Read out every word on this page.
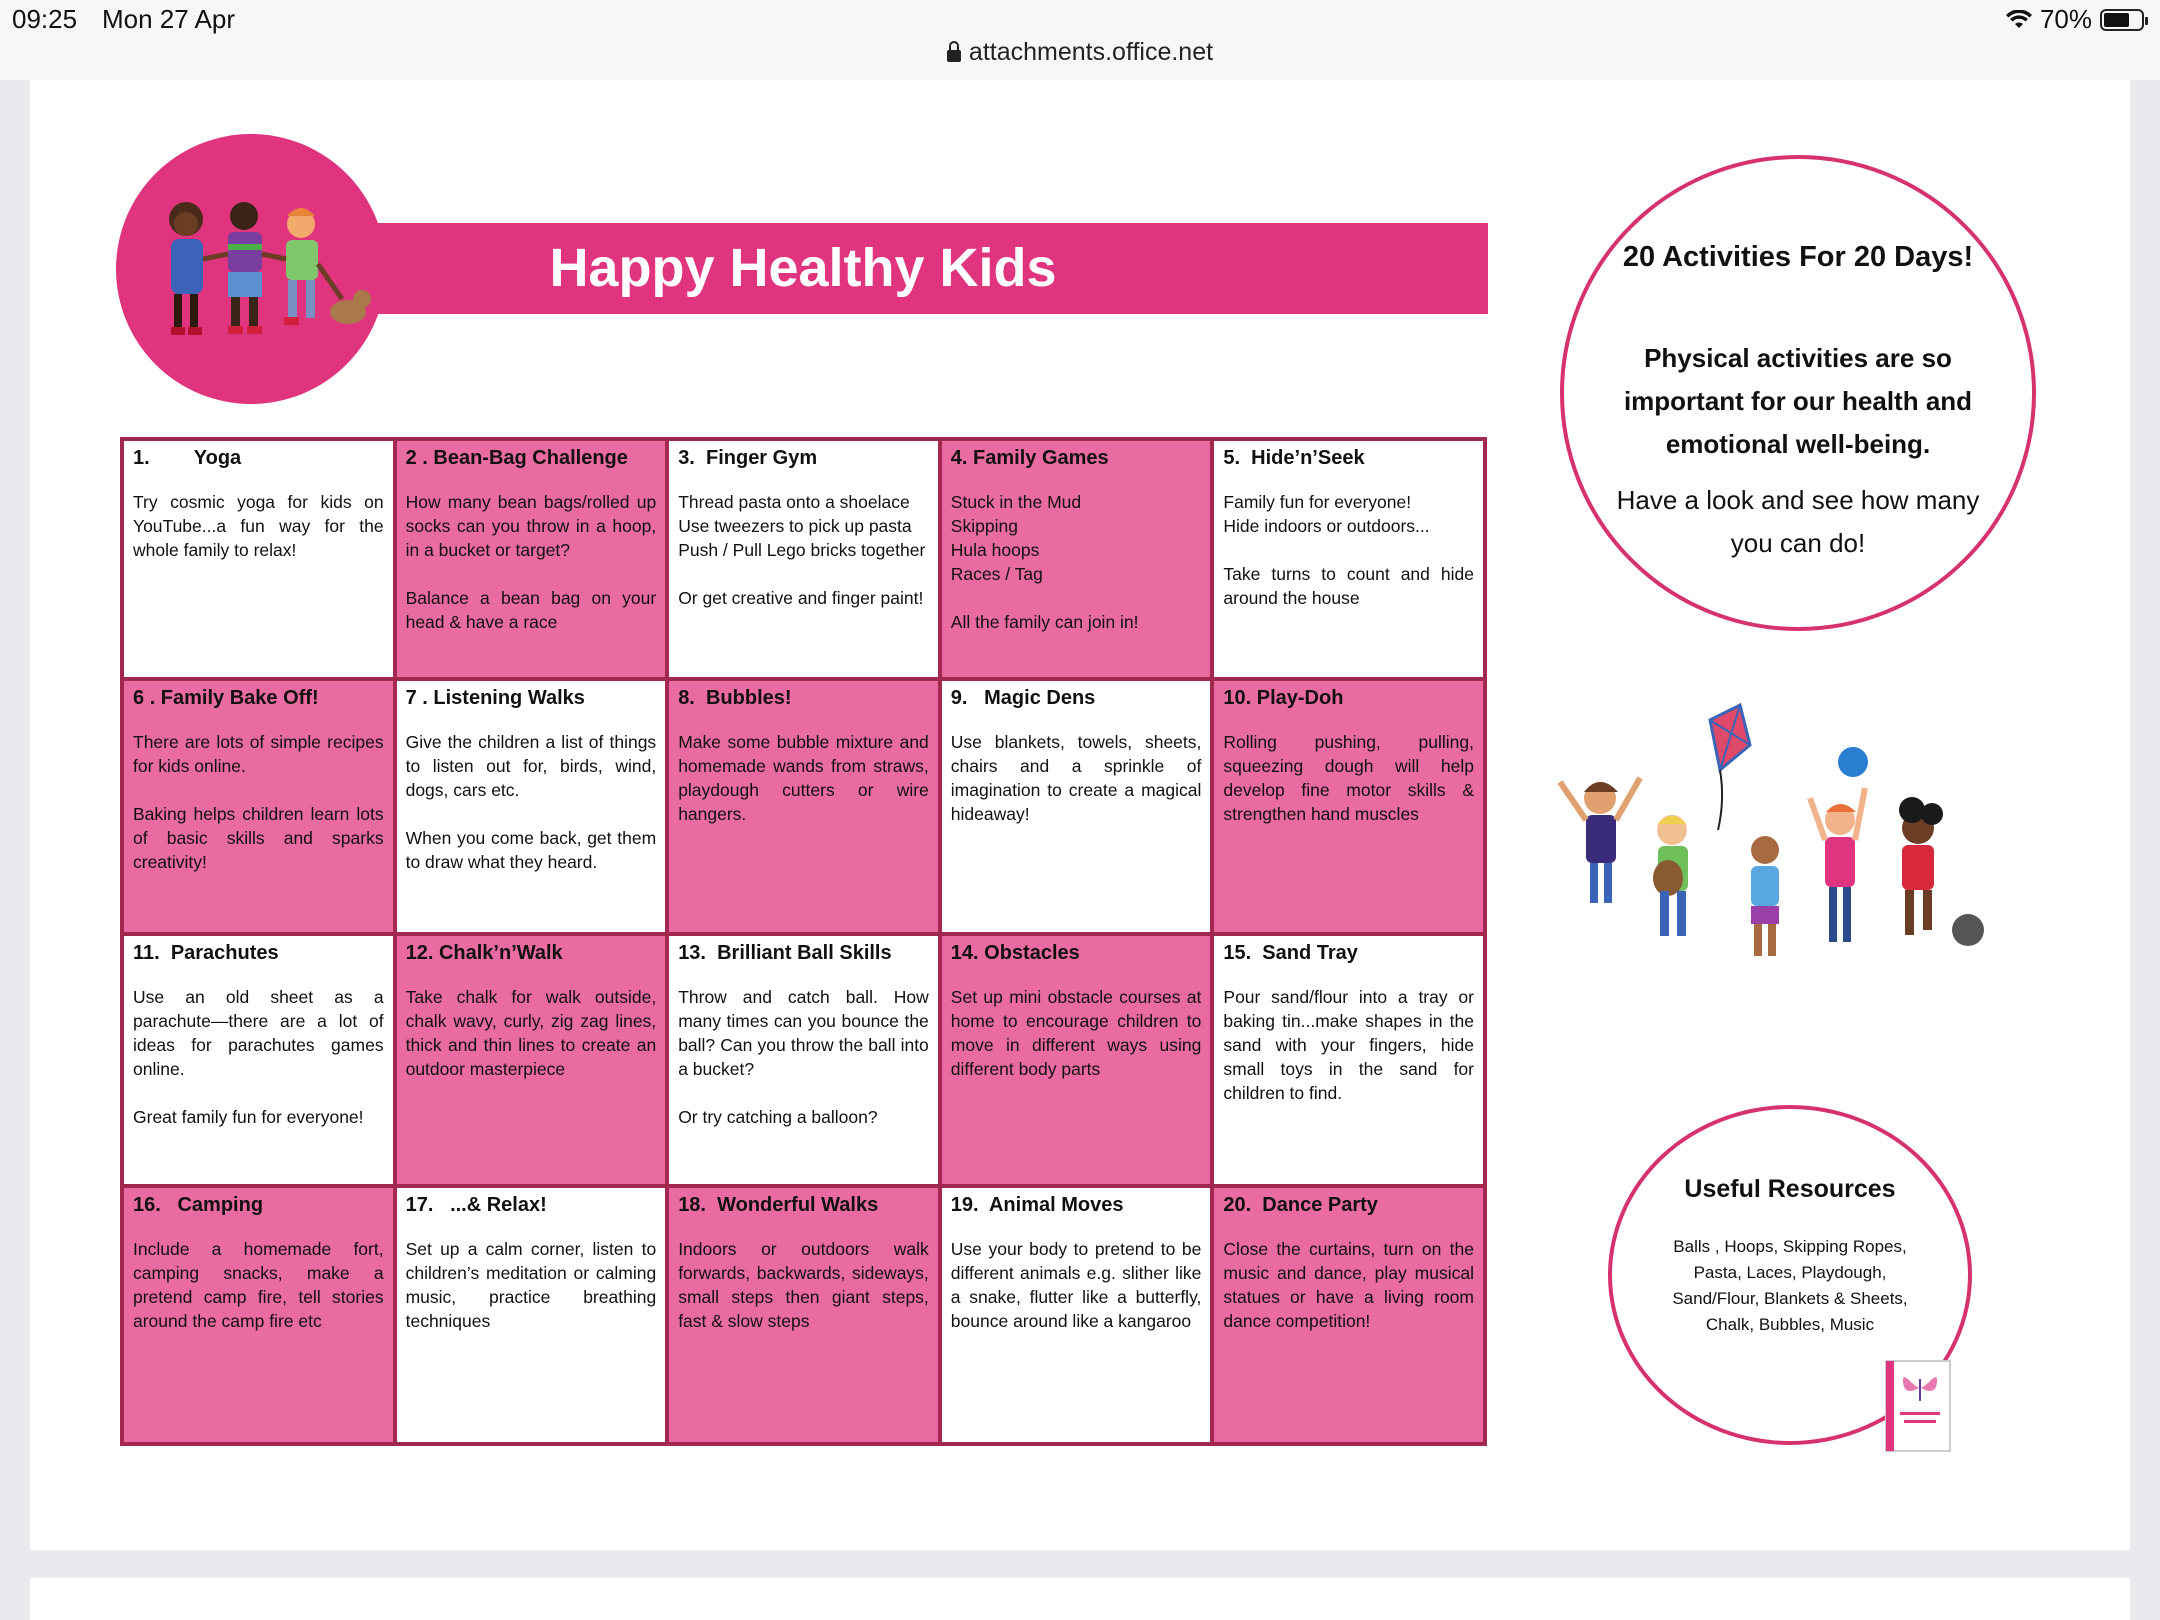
09:25 Mon 27 Apr	70%
attachments.office.net
Happy Healthy Kids
1.        Yoga
Try cosmic yoga for kids on YouTube...a fun way for the whole family to relax!
2 . Bean-Bag Challenge
How many bean bags/rolled up socks can you throw in a hoop, in a bucket or target?

Balance a bean bag on your head & have a race
3.  Finger Gym
Thread pasta onto a shoelace
Use tweezers to pick up pasta
Push / Pull Lego bricks together

Or get creative and finger paint!
4. Family Games
Stuck in the Mud
Skipping
Hula hoops
Races / Tag

All the family can join in!
5.  Hide’n’Seek
Family fun for everyone!
Hide indoors or outdoors...

Take turns to count and hide around the house
6 . Family Bake Off!
There are lots of simple recipes for kids online.

Baking helps children learn lots of basic skills and sparks creativity!
7 . Listening Walks
Give the children a list of things to listen out for, birds, wind, dogs, cars etc.

When you come back, get them to draw what they heard.
8.  Bubbles!
Make some bubble mixture and homemade wands from straws, playdough cutters or wire hangers.
9.   Magic Dens
Use blankets, towels, sheets, chairs and a sprinkle of imagination to create a magical hideaway!
10. Play-Doh
Rolling pushing, pulling, squeezing dough will help develop fine motor skills & strengthen hand muscles
11.  Parachutes
Use an old sheet as a parachute—there are a lot of ideas for parachutes games online.

Great family fun for everyone!
12. Chalk’n’Walk
Take chalk for walk outside, chalk wavy, curly, zig zag lines, thick and thin lines to create an outdoor masterpiece
13.  Brilliant Ball Skills
Throw and catch ball. How many times can you bounce the ball? Can you throw the ball into a bucket?

Or try catching a balloon?
14. Obstacles
Set up mini obstacle courses at home to encourage children to move in different ways using different body parts
15.  Sand Tray
Pour sand/flour into a tray or baking tin...make shapes in the sand with your fingers, hide small toys in the sand for children to find.
16.   Camping
Include a homemade fort, camping snacks, make a pretend camp fire, tell stories around the camp fire etc
17.   ...& Relax!
Set up a calm corner, listen to children’s meditation or calming music, practice breathing techniques
18.  Wonderful Walks
Indoors or outdoors walk forwards, backwards, sideways, small steps then giant steps, fast & slow steps
19.  Animal Moves
Use your body to pretend to be different animals e.g. slither like a snake, flutter like a butterfly, bounce around like a kangaroo
20.  Dance Party
Close the curtains, turn on the music and dance, play musical statues or have a living room dance competition!
20 Activities For 20 Days!
Physical activities are so important for our health and emotional well-being.
Have a look and see how many you can do!
Useful Resources
Balls , Hoops, Skipping Ropes, Pasta, Laces, Playdough, Sand/Flour, Blankets & Sheets, Chalk, Bubbles, Music
